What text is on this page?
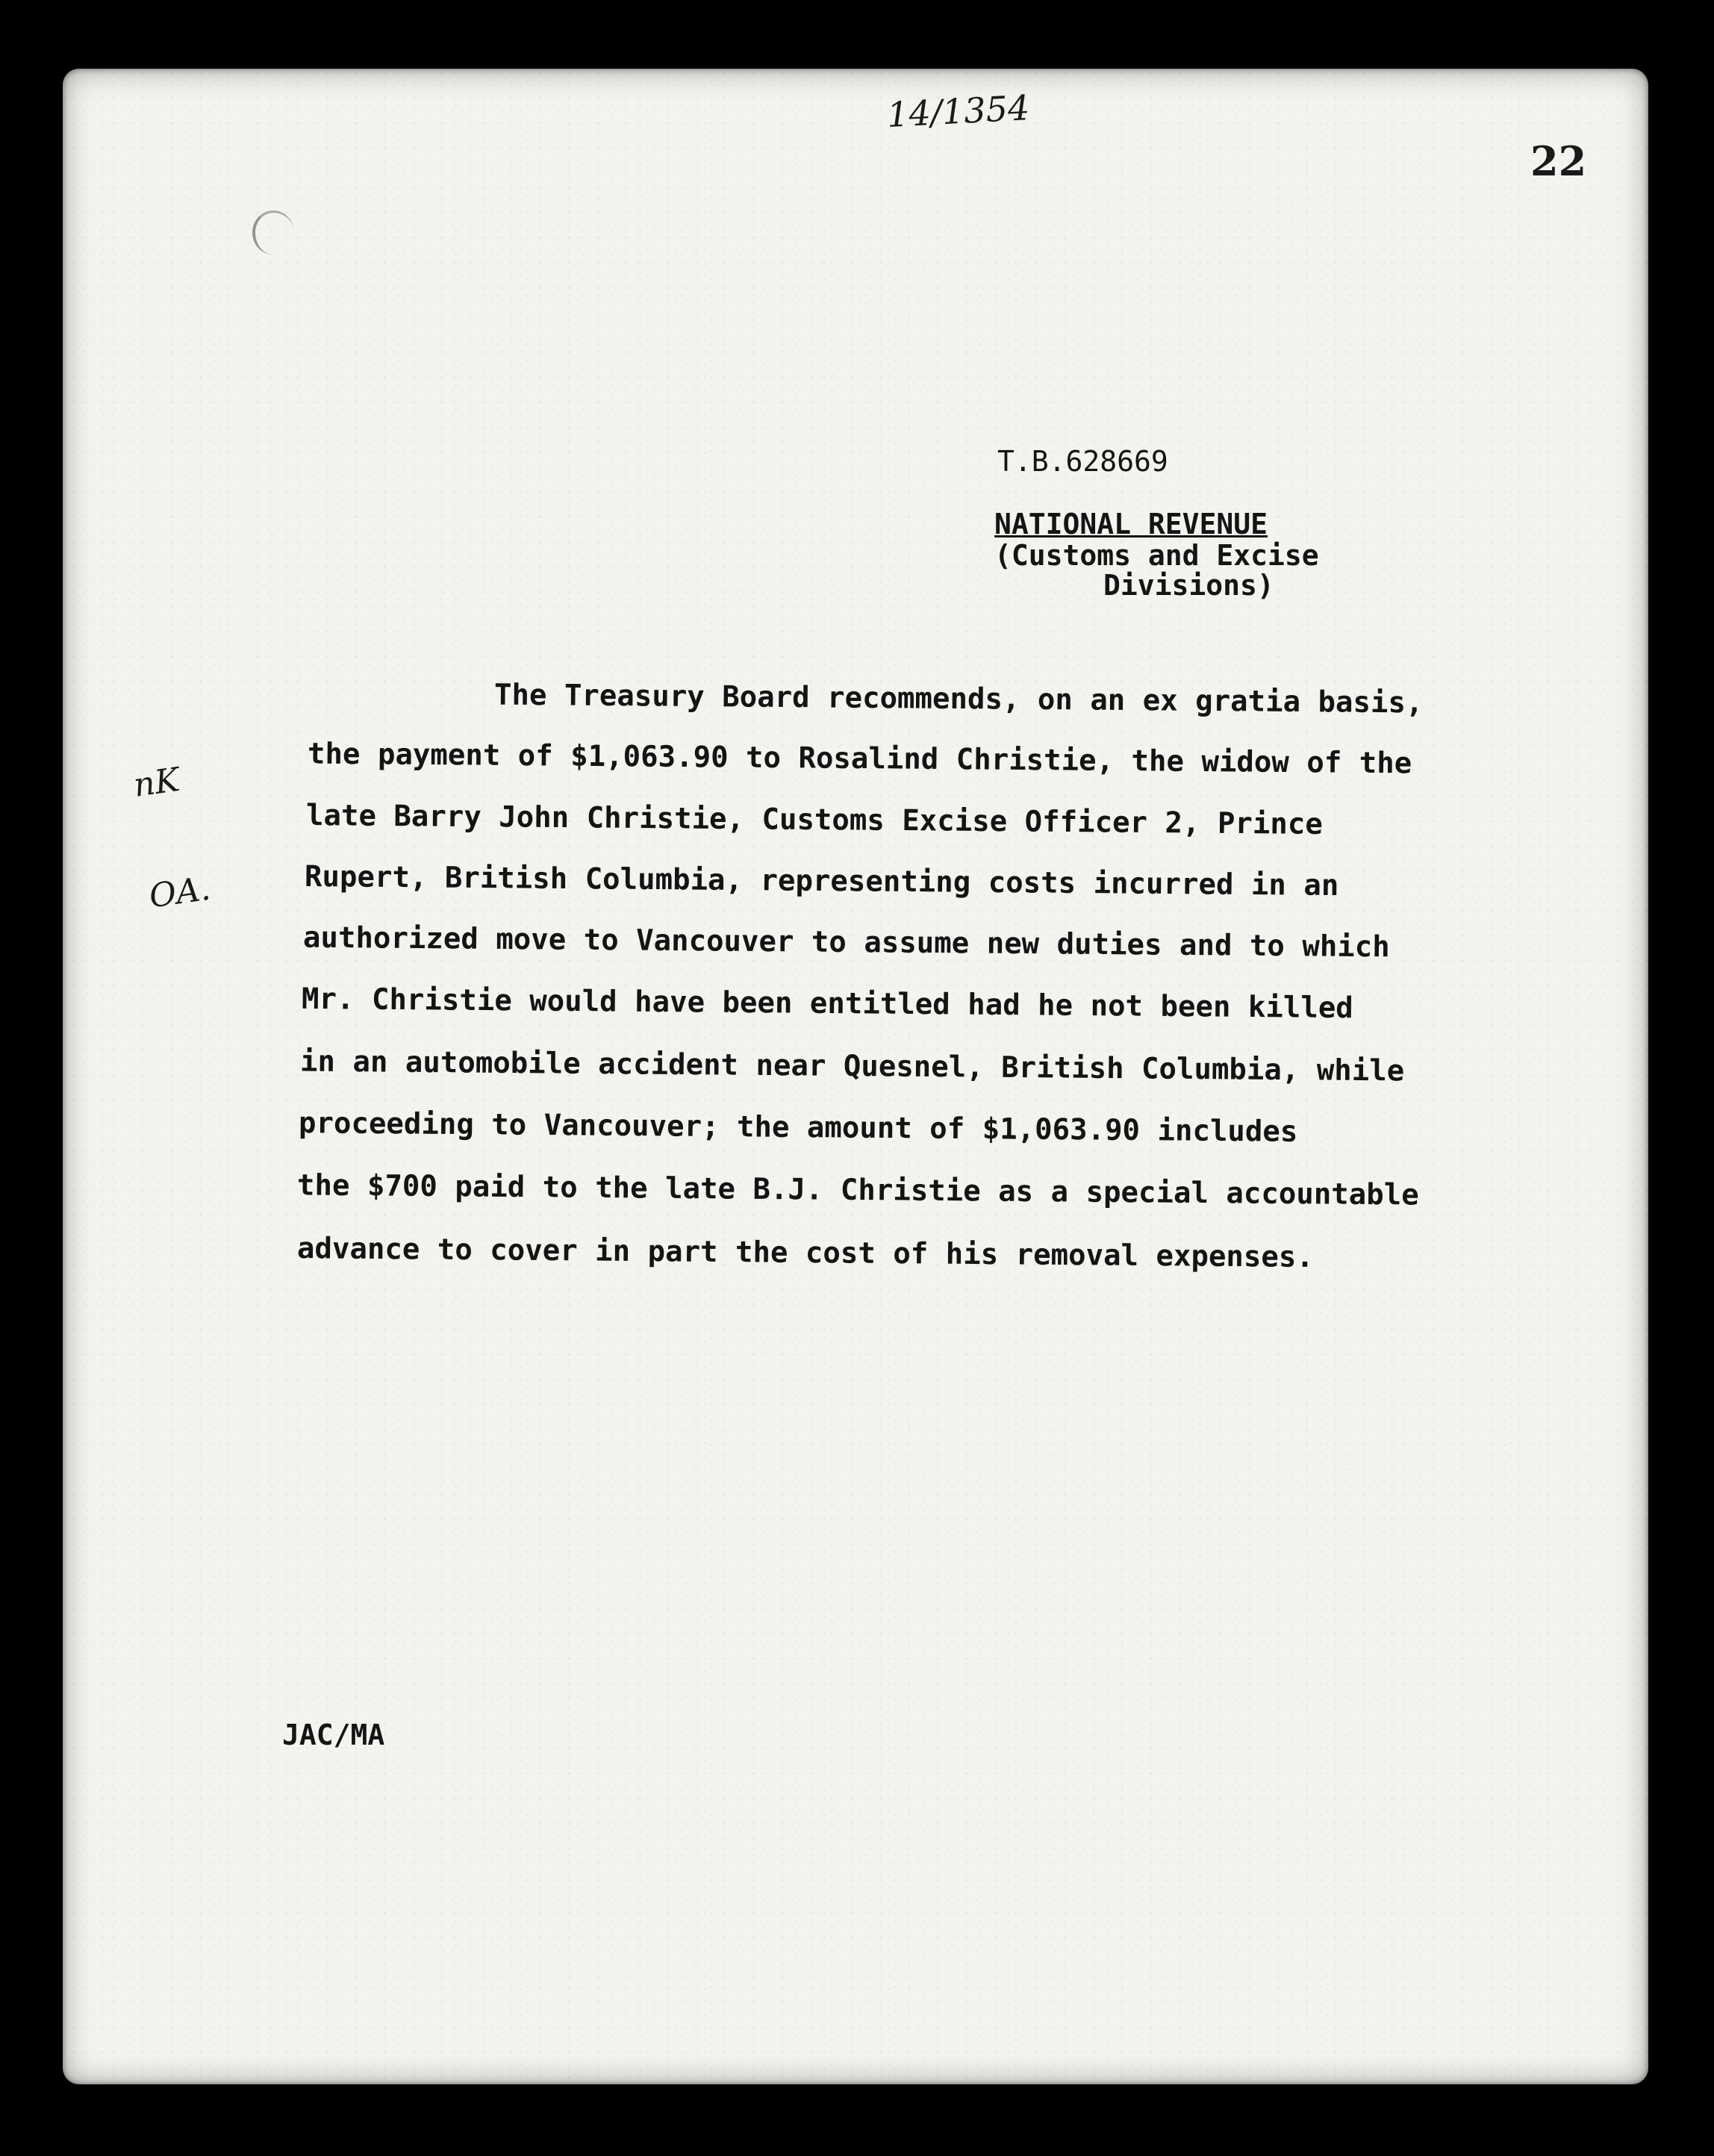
14/1354
22
T.B.628669
NATIONAL REVENUE
(Customs and Excise
Divisions)

nK

OA.

The Treasury Board recommends, on an ex gratia basis,
the payment of $1,063.90 to Rosalind Christie, the widow of the
late Barry John Christie, Customs Excise Officer 2, Prince
Rupert, British Columbia, representing costs incurred in an
authorized move to Vancouver to assume new duties and to which
Mr. Christie would have been entitled had he not been killed
in an automobile accident near Quesnel, British Columbia, while
proceeding to Vancouver; the amount of $1,063.90 includes
the $700 paid to the late B.J. Christie as a special accountable
advance to cover in part the cost of his removal expenses.
JAC/MA
